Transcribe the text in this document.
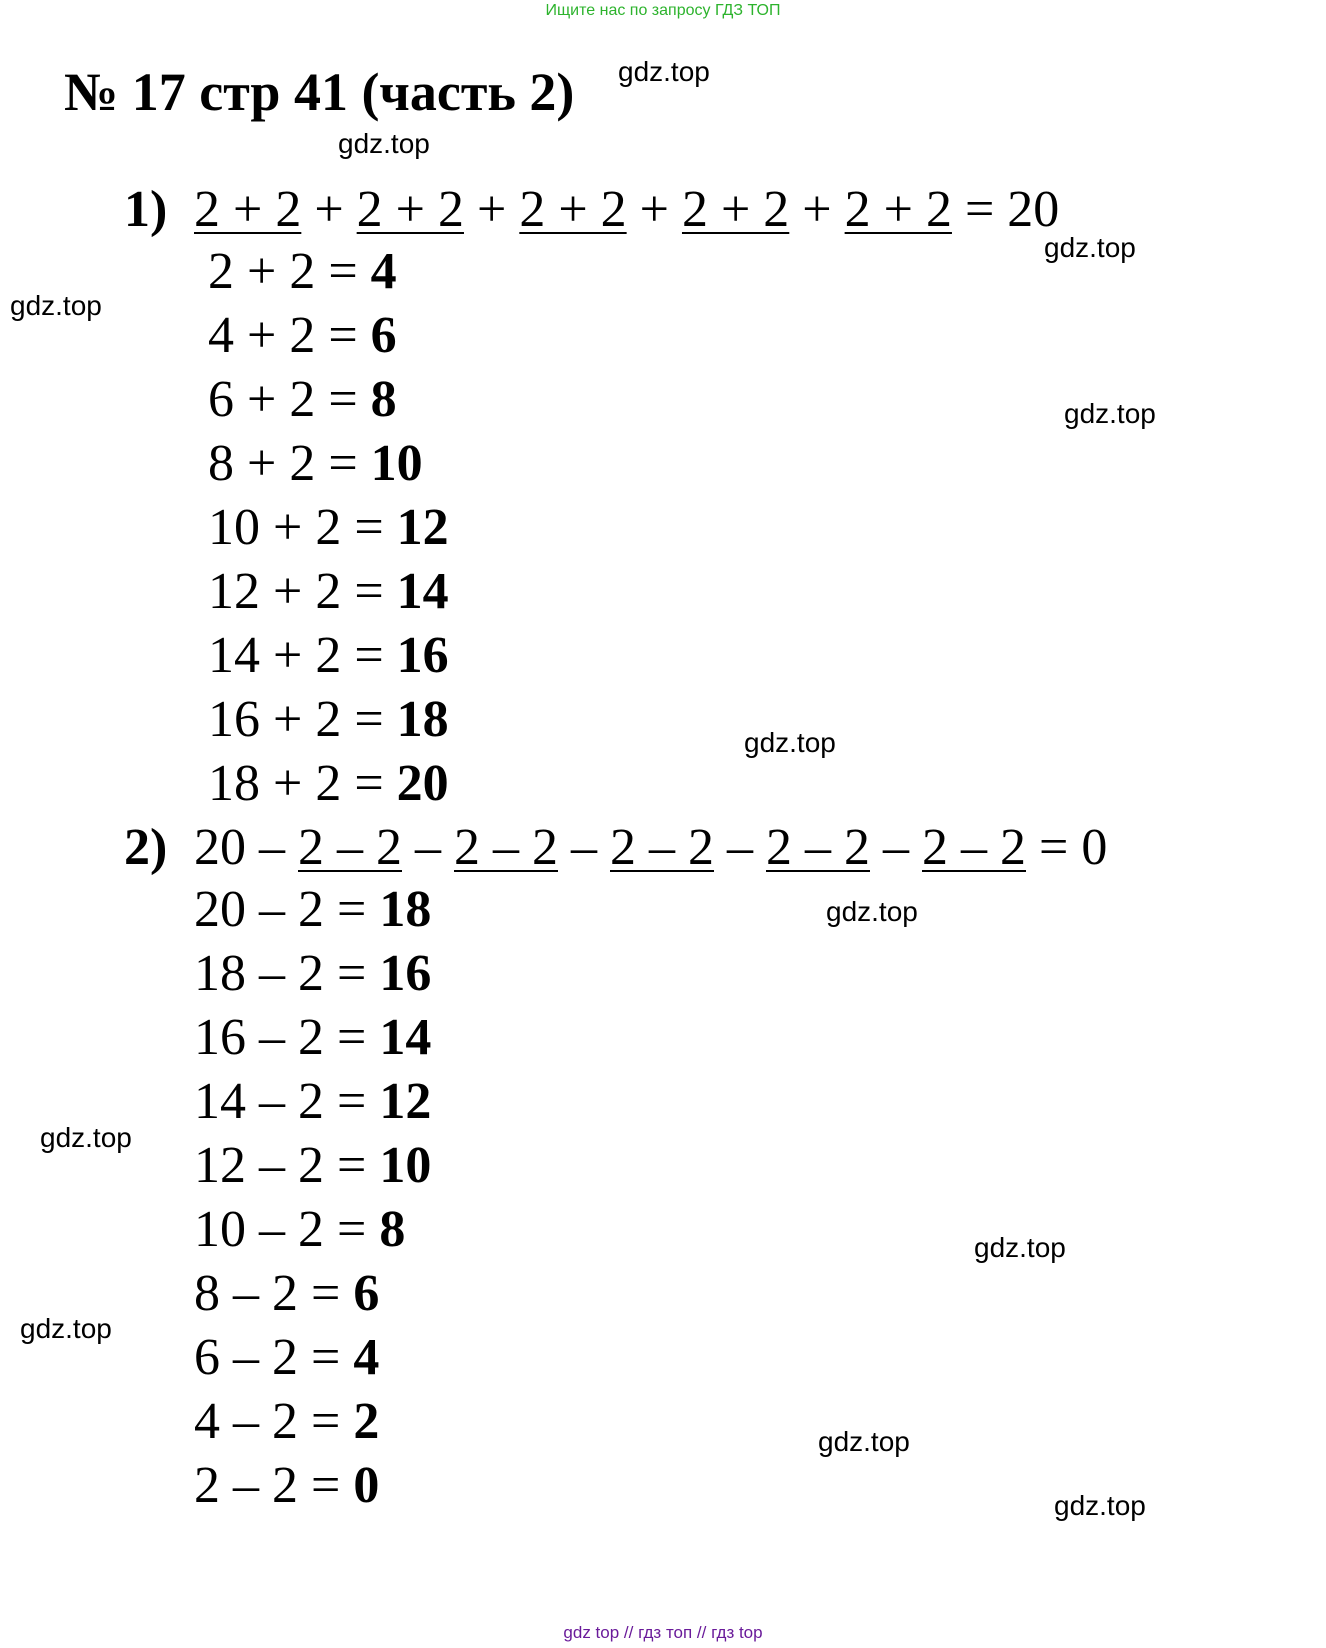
Ищите нас по запросу ГДЗ ТОП
№ 17 стр 41 (часть 2) gdz.top
gdz.top
gdz.top
gdz.top
gdz.top
gdz.top
gdz.top
gdz.top
gdz.top
gdz.top
gdz.top
gdz.top
1) 2 + 2 + 2 + 2 + 2 + 2 + 2 + 2 + 2 + 2 = 20
2 + 2 = 4
4 + 2 = 6
6 + 2 = 8
8 + 2 = 10
10 + 2 = 12
12 + 2 = 14
14 + 2 = 16
16 + 2 = 18
18 + 2 = 20
2) 20 – 2 – 2 – 2 – 2 – 2 – 2 – 2 – 2 – 2 – 2 = 0
20 – 2 = 18
18 – 2 = 16
16 – 2 = 14
14 – 2 = 12
12 – 2 = 10
10 – 2 = 8
8 – 2 = 6
6 – 2 = 4
4 – 2 = 2
2 – 2 = 0
gdz top // гдз топ // гдз top
